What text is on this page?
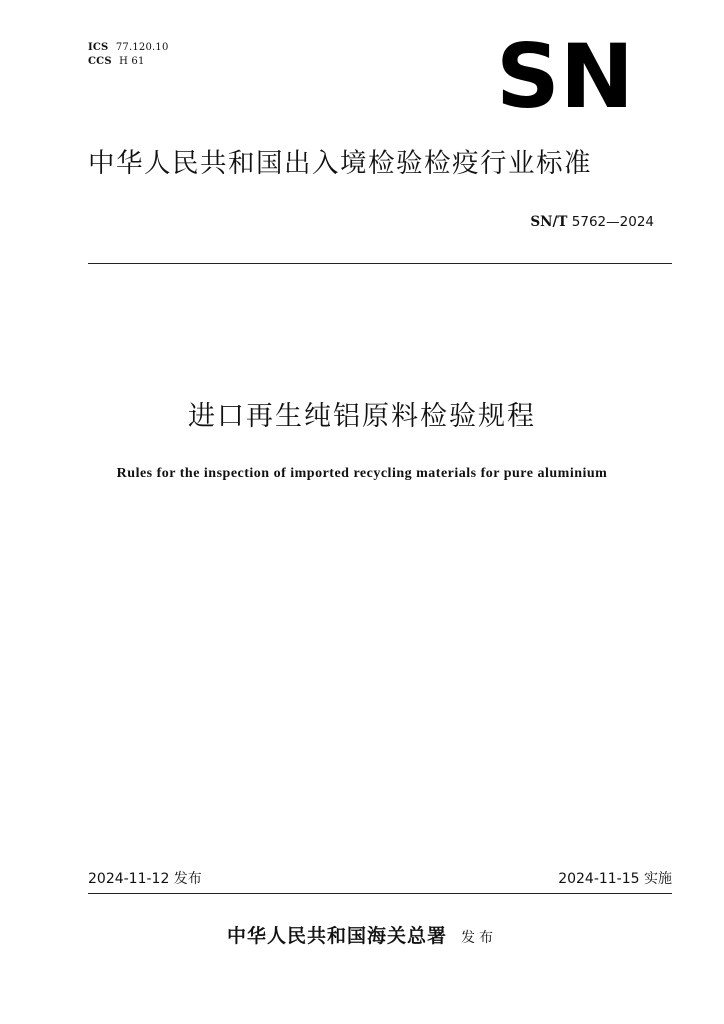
ICS 77.120.10
CCS H 61	SN
中华人民共和国出入境检验检疫行业标准
SN/T 5762—2024
进口再生纯铝原料检验规程
Rules for the inspection of imported recycling materials for pure aluminium
2024-11-12 发布	2024-11-15 实施
中华人民共和国海关总署 发布
